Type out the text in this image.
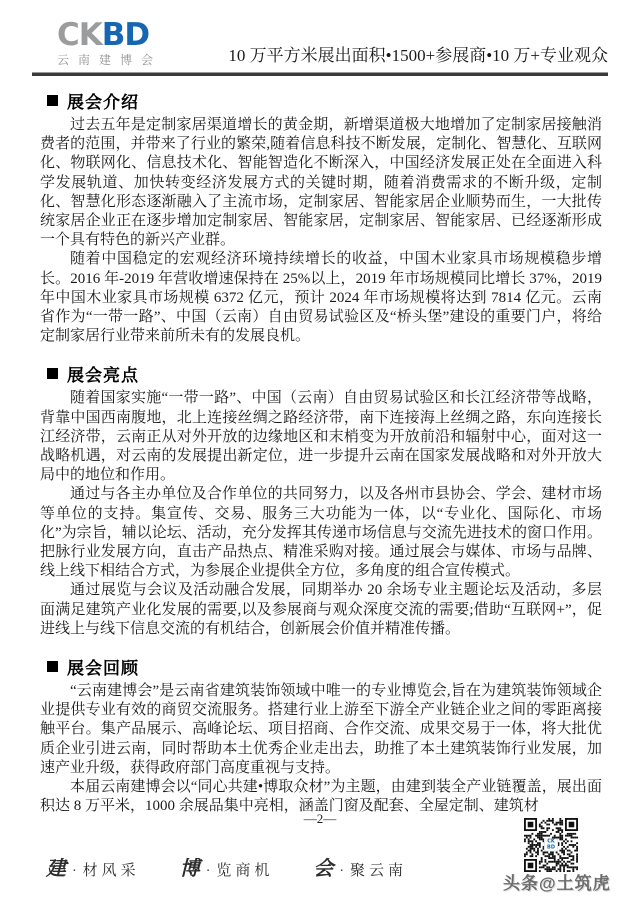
CKBD
云南建博会	10 万平方米展出面积•1500+参展商•10 万+专业观众
展会介绍

过去五年是定制家居渠道增长的黄金期，新增渠道极大地增加了定制家居接触消费者的范围，并带来了行业的繁荣,随着信息科技不断发展，定制化、智慧化、互联网化、物联网化、信息技术化、智能智造化不断深入，中国经济发展正处在全面进入科学发展轨道、加快转变经济发展方式的关键时期，随着消费需求的不断升级，定制化、智慧化形态逐渐融入了主流市场，定制家居、智能家居企业顺势而生，一大批传统家居企业正在逐步增加定制家居、智能家居，定制家居、智能家居、已经逐渐形成一个具有特色的新兴产业群。

随着中国稳定的宏观经济环境持续增长的收益，中国木业家具市场规模稳步增长。2016 年-2019 年营收增速保持在 25%以上，2019 年市场规模同比增长 37%，2019 年中国木业家具市场规模 6372 亿元，预计 2024 年市场规模将达到 7814 亿元。云南省作为“一带一路”、中国（云南）自由贸易试验区及“桥头堡”建设的重要门户，将给定制家居行业带来前所未有的发展良机。

展会亮点

随着国家实施“一带一路”、中国（云南）自由贸易试验区和长江经济带等战略，背靠中国西南腹地，北上连接丝绸之路经济带，南下连接海上丝绸之路，东向连接长江经济带，云南正从对外开放的边缘地区和末梢变为开放前沿和辐射中心，面对这一战略机遇，对云南的发展提出新定位，进一步提升云南在国家发展战略和对外开放大局中的地位和作用。

通过与各主办单位及合作单位的共同努力，以及各州市县协会、学会、建材市场等单位的支持。集宣传、交易、服务三大功能为一体，以“专业化、国际化、市场化”为宗旨，辅以论坛、活动，充分发挥其传递市场信息与交流先进技术的窗口作用。把脉行业发展方向，直击产品热点、精准采购对接。通过展会与媒体、市场与品牌、线上线下相结合方式，为参展企业提供全方位，多角度的组合宣传模式。

通过展览与会议及活动融合发展，同期举办 20 余场专业主题论坛及活动，多层面满足建筑产业化发展的需要,以及参展商与观众深度交流的需要;借助“互联网+”，促进线上与线下信息交流的有机结合，创新展会价值并精准传播。

展会回顾

“云南建博会”是云南省建筑装饰领域中唯一的专业博览会,旨在为建筑装饰领域企业提供专业有效的商贸交流服务。搭建行业上游至下游全产业链企业之间的零距离接触平台。集产品展示、高峰论坛、项目招商、合作交流、成果交易于一体，将大批优质企业引进云南，同时帮助本土优秀企业走出去，助推了本土建筑装饰行业发展，加速产业升级，获得政府部门高度重视与支持。

本届云南建博会以“同心共建•博取众材”为主题，由建到装全产业链覆盖，展出面积达 8 万平米，1000 余展品集中亮相，涵盖门窗及配套、全屋定制、建筑材

—2—
建 · 材风采 博 · 览商机 会 · 聚云南
CK
BD
头条@土筑虎
